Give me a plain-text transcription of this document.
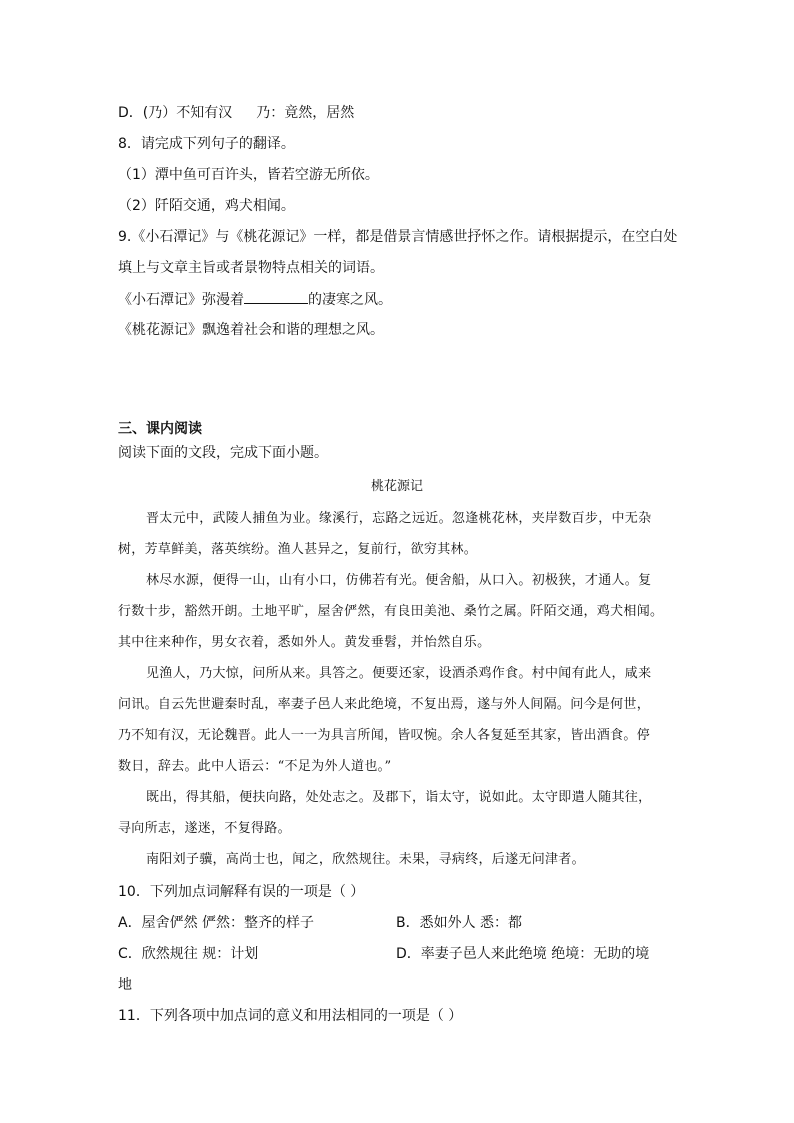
D．(乃）不知有汉 乃：竟然，居然
8．请完成下列句子的翻译。
（1）潭中鱼可百许头，皆若空游无所依。
（2）阡陌交通，鸡犬相闻。
9.《小石潭记》与《桃花源记》一样，都是借景言情感世抒怀之作。请根据提示，在空白处
填上与文章主旨或者景物特点相关的词语。
《小石潭记》弥漫着	的凄寒之风。
《桃花源记》飘逸着社会和谐的理想之风。
三、课内阅读
阅读下面的文段，完成下面小题。
桃花源记
晋太元中，武陵人捕鱼为业。缘溪行，忘路之远近。忽逢桃花林，夹岸数百步，中无杂
树，芳草鲜美，落英缤纷。渔人甚异之，复前行，欲穷其林。
林尽水源，便得一山，山有小口，仿佛若有光。便舍船，从口入。初极狭，才通人。复
行数十步，豁然开朗。土地平旷，屋舍俨然，有良田美池、桑竹之属。阡陌交通，鸡犬相闻。
其中往来种作，男女衣着，悉如外人。黄发垂髫，并怡然自乐。
见渔人，乃大惊，问所从来。具答之。便要还家，设酒杀鸡作食。村中闻有此人，咸来
问讯。自云先世避秦时乱，率妻子邑人来此绝境，不复出焉，遂与外人间隔。问今是何世，
乃不知有汉，无论魏晋。此人一一为具言所闻，皆叹惋。余人各复延至其家，皆出酒食。停
数日，辞去。此中人语云：“不足为外人道也。”
既出，得其船，便扶向路，处处志之。及郡下，诣太守，说如此。太守即遣人随其往，
寻向所志，遂迷，不复得路。
南阳刘子骥，高尚士也，闻之，欣然规往。未果，寻病终，后遂无问津者。
10．下列加点词解释有误的一项是（ ）
A．屋舍俨然 俨然：整齐的样子	B．悉如外人 悉：都
C．欣然规往 规：计划	D．率妻子邑人来此绝境 绝境：无助的境
地
11．下列各项中加点词的意义和用法相同的一项是（ ）
